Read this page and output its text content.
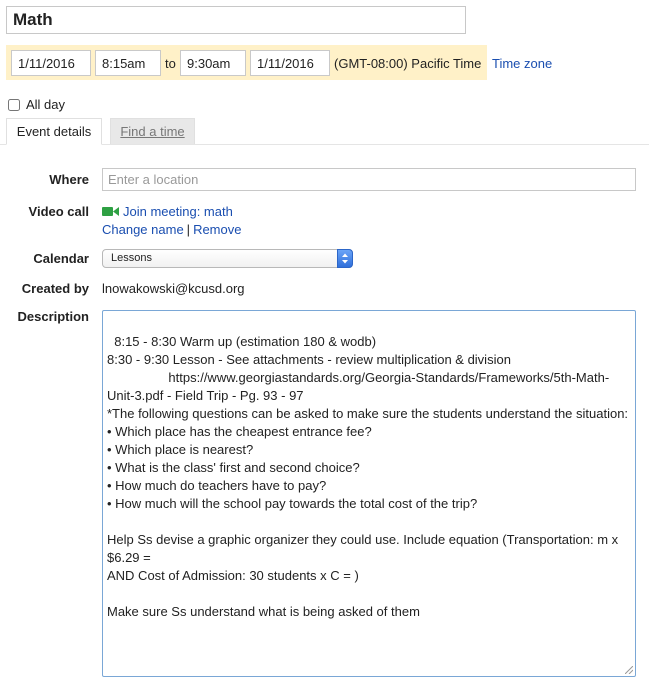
Math
1/11/2016
8:15am
to
9:30am
1/11/2016	(GMT-08:00) Pacific Time Time zone
All day
Event details	Find a time
Where
Enter a location
Video call	Join meeting: math
Change name | Remove
Calendar	Lessons
Created by lnowakowski@kcusd.org
Description

8:15 - 8:30 Warm up (estimation 180 & wodb)
8:30 - 9:30 Lesson - See attachments - review multiplication & division
https://www.georgiastandards.org/Georgia-Standards/Frameworks/5th-Math-Unit-3.pdf - Field Trip - Pg. 93 - 97
*The following questions can be asked to make sure the students understand the situation:
• Which place has the cheapest entrance fee?
• Which place is nearest?
• What is the class' first and second choice?
• How much do teachers have to pay?
• How much will the school pay towards the total cost of the trip?

Help Ss devise a graphic organizer they could use. Include equation (Transportation: m x $6.29 =
AND Cost of Admission: 30 students x C = )

Make sure Ss understand what is being asked of them
